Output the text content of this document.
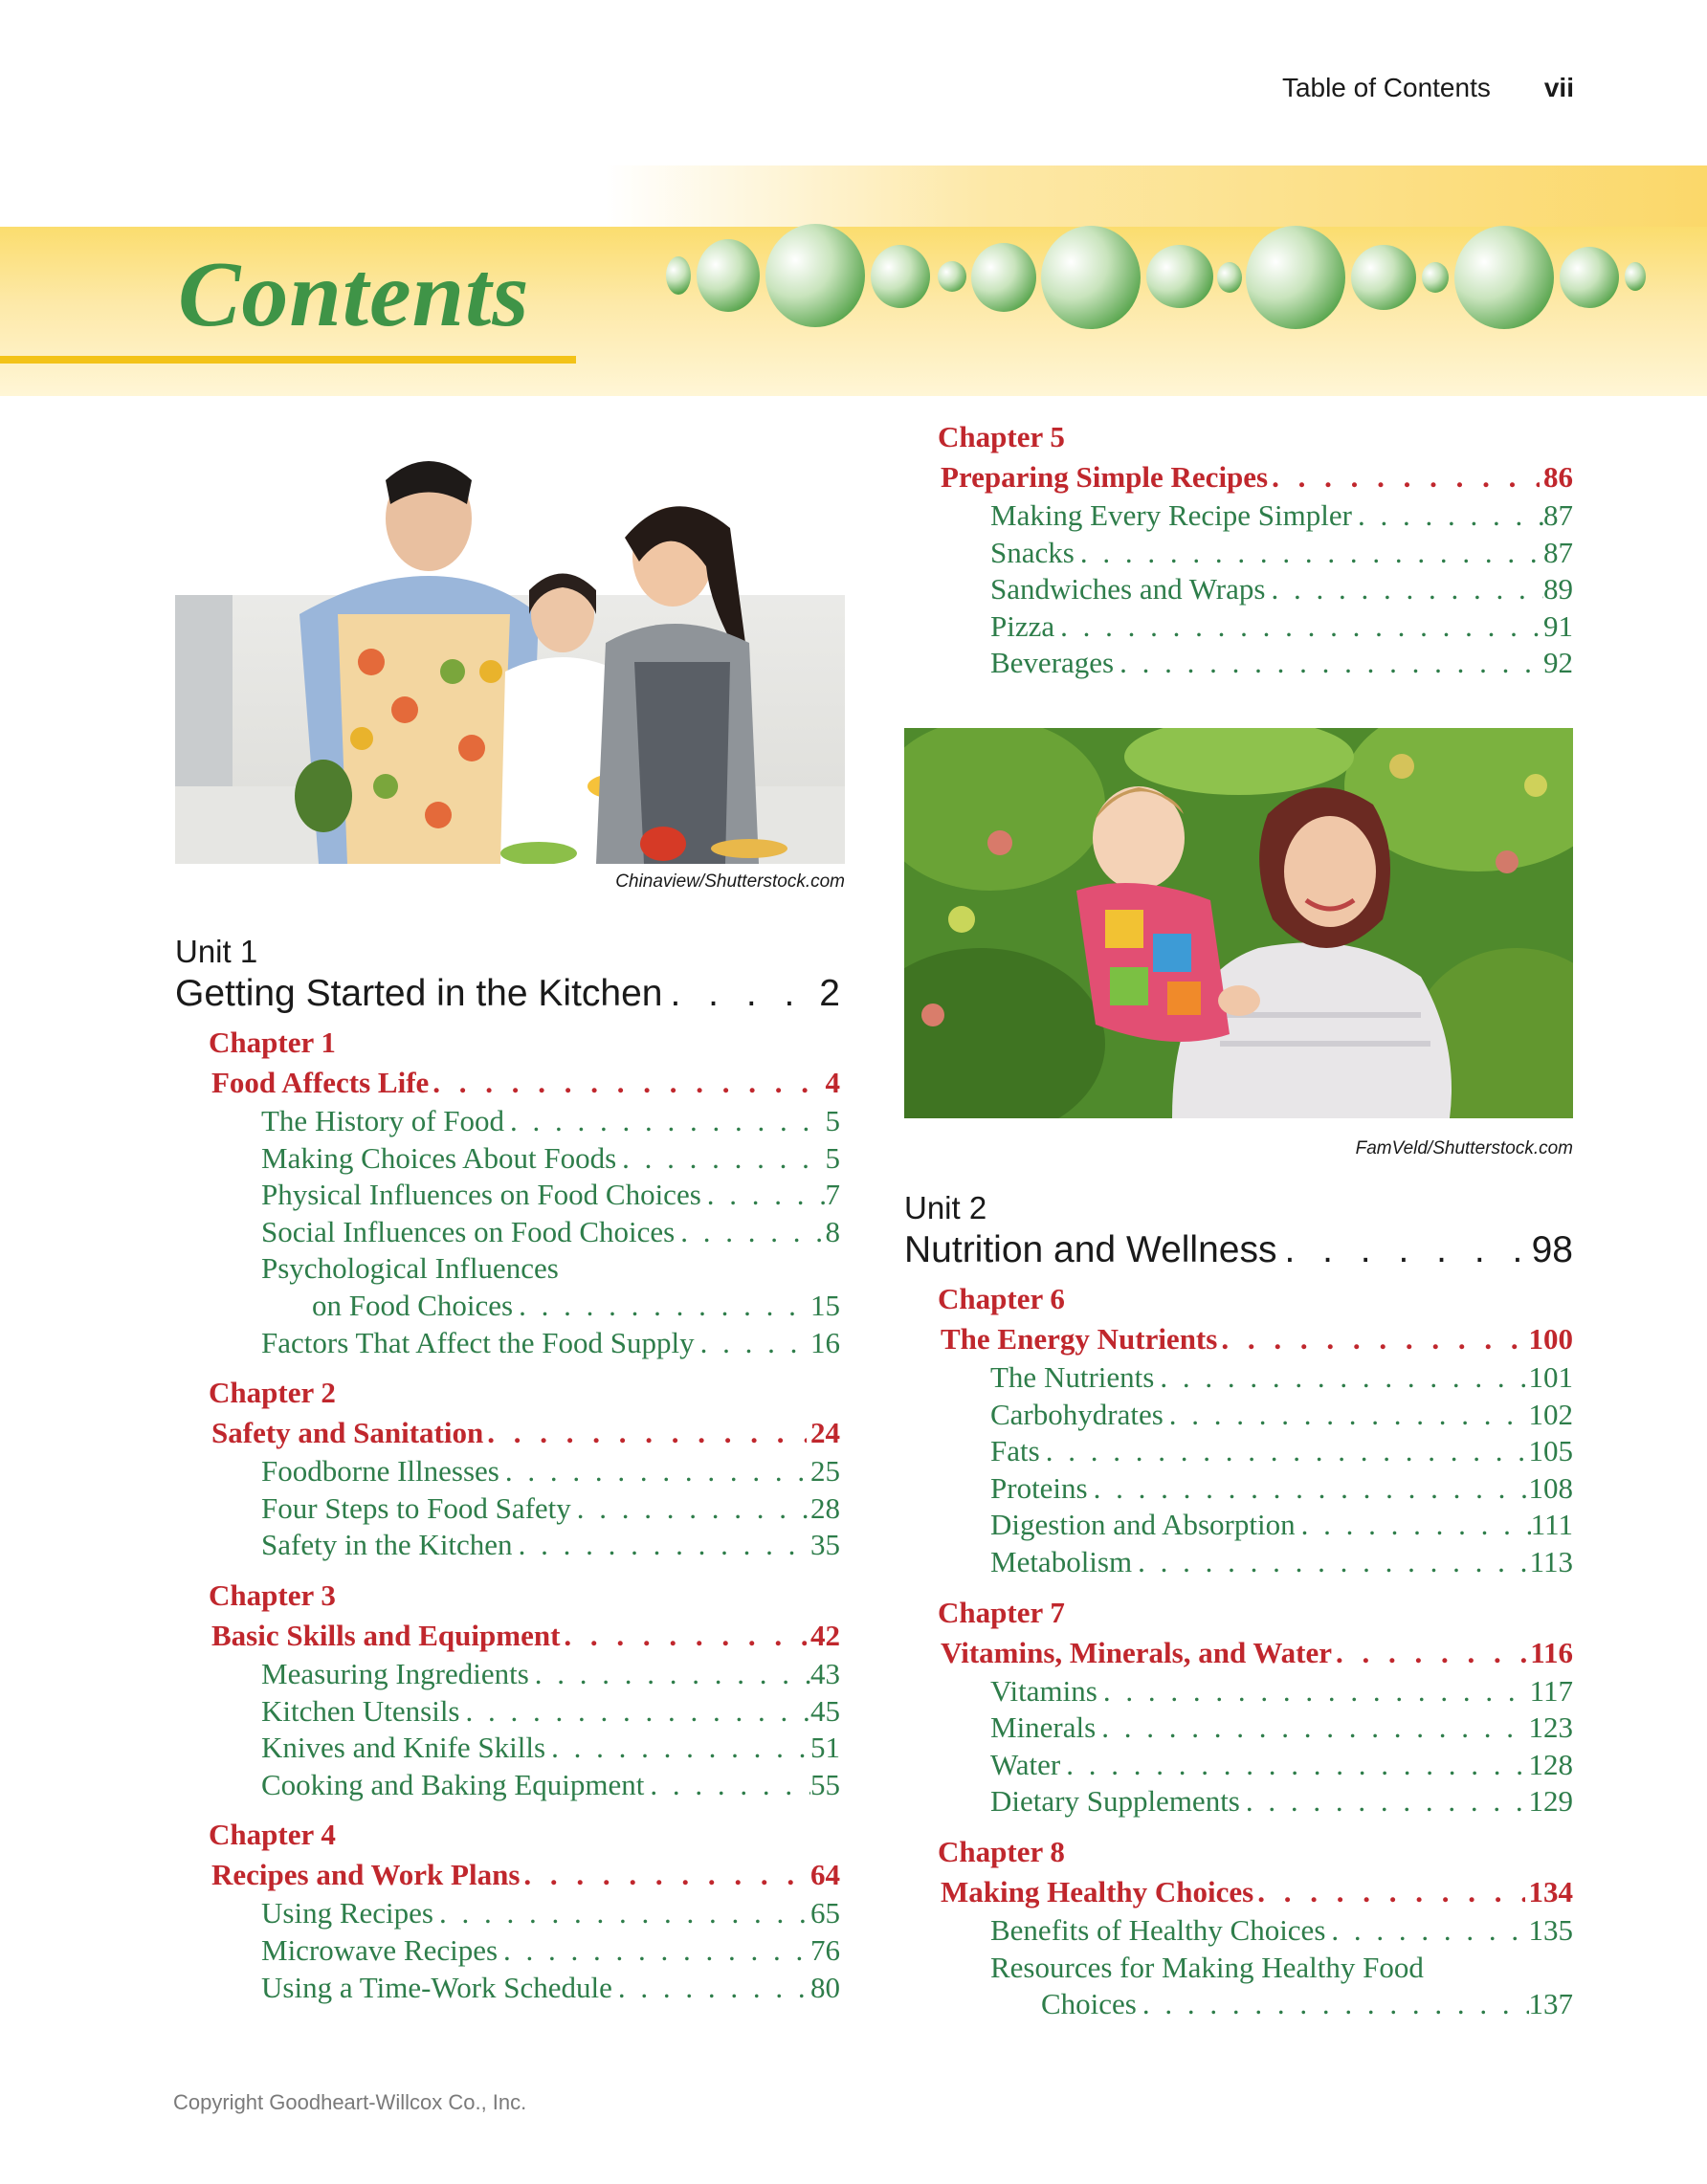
Table of Contents vii
Contents
Chinaview/Shutterstock.com
FamVeld/Shutterstock.com
Unit 1
Getting Started in the Kitchen . . .	2
Chapter 1
Food Affects Life . . .	4
The History of Food . . .	5
Making Choices About Foods . . .	5
Physical Influences on Food Choices . . .	7
Social Influences on Food Choices . . .	8
Psychological Influences
on Food Choices . . .	15
Factors That Affect the Food Supply . . .	16
Chapter 2
Safety and Sanitation . . .	24
Foodborne Illnesses . . .	25
Four Steps to Food Safety . . .	28
Safety in the Kitchen . . .	35
Chapter 3
Basic Skills and Equipment . . .	42
Measuring Ingredients . . .	43
Kitchen Utensils . . .	45
Knives and Knife Skills . . .	51
Cooking and Baking Equipment . . .	55
Chapter 4
Recipes and Work Plans . . .	64
Using Recipes . . .	65
Microwave Recipes . . .	76
Using a Time-Work Schedule . . .	80
Chapter 5
Preparing Simple Recipes . . .	86
Making Every Recipe Simpler . . .	87
Snacks . . .	87
Sandwiches and Wraps . . .	89
Pizza . . .	91
Beverages . . .	92
Unit 2
Nutrition and Wellness . . .	98
Chapter 6
The Energy Nutrients . . .	100
The Nutrients . . .	101
Carbohydrates . . .	102
Fats . . .	105
Proteins . . .	108
Digestion and Absorption . . .	111
Metabolism . . .	113
Chapter 7
Vitamins, Minerals, and Water . . .	116
Vitamins . . .	117
Minerals . . .	123
Water . . .	128
Dietary Supplements . . .	129
Chapter 8
Making Healthy Choices . . .	134
Benefits of Healthy Choices . . .	135
Resources for Making Healthy Food
Choices . . .	137
Copyright Goodheart-Willcox Co., Inc.
